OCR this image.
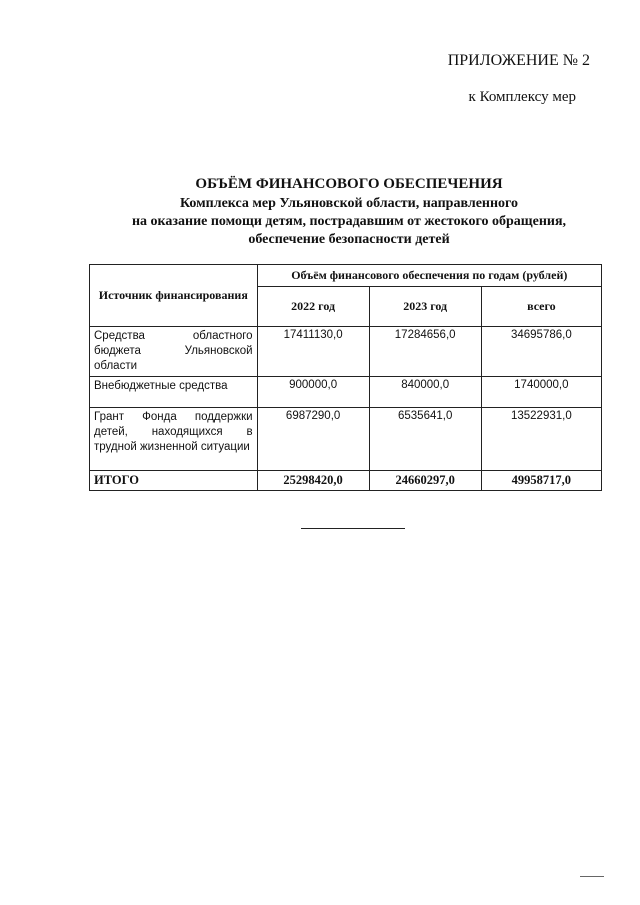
ПРИЛОЖЕНИЕ № 2
к Комплексу мер
ОБЪЁМ ФИНАНСОВОГО ОБЕСПЕЧЕНИЯ
Комплекса мер Ульяновской области, направленного
на оказание помощи детям, пострадавшим от жестокого обращения,
обеспечение безопасности детей
Источник финансирования	Объём финансового обеспечения по годам (рублей)		
	2022 год	2023 год	всего
Средства областного бюджета Ульяновской области	17411130,0	17284656,0	34695786,0
Внебюджетные средства	900000,0	840000,0	1740000,0
Грант Фонда поддержки детей, находящихся в трудной жизненной ситуации	6987290,0	6535641,0	13522931,0
ИТОГО	25298420,0	24660297,0	49958717,0
